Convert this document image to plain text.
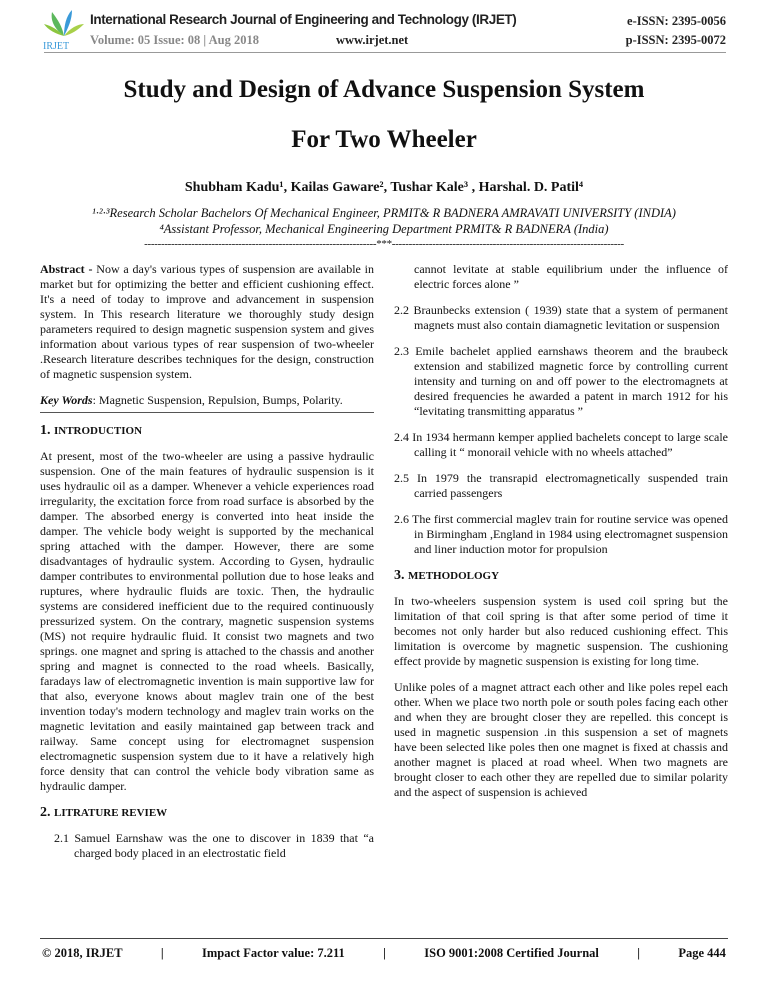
IRJET
International Research Journal of Engineering and Technology (IRJET)
Volume: 05 Issue: 08 | Aug 2018	www.irjet.net
e-ISSN: 2395-0056
p-ISSN: 2395-0072
Study and Design of Advance Suspension System
For Two Wheeler
Shubham Kadu¹, Kailas Gaware², Tushar Kale³ , Harshal. D. Patil⁴
¹·²·³Research Scholar Bachelors Of Mechanical Engineer, PRMIT& R BADNERA AMRAVATI UNIVERSITY (INDIA)
⁴Assistant Professor, Mechanical Engineering Department PRMIT& R BADNERA (India)
---------------------------------------------------------------------***---------------------------------------------------------------------

Abstract - Now a day's various types of suspension are available in market but for optimizing the better and efficient cushioning effect. It's a need of today to improve and advancement in suspension system. In This research literature we thoroughly study design parameters required to design magnetic suspension system and gives information about various types of rear suspension of two-wheeler .Research literature describes techniques for the design, construction of magnetic suspension system.

Key Words: Magnetic Suspension, Repulsion, Bumps, Polarity.

1. INTRODUCTION

At present, most of the two-wheeler are using a passive hydraulic suspension. One of the main features of hydraulic suspension is it uses hydraulic oil as a damper. Whenever a vehicle experiences road irregularity, the excitation force from road surface is absorbed by the damper. The absorbed energy is converted into heat inside the damper. The vehicle body weight is supported by the mechanical spring attached with the damper. However, there are some disadvantages of hydraulic system. According to Gysen, hydraulic damper contributes to environmental pollution due to hose leaks and ruptures, where hydraulic fluids are toxic. Then, the hydraulic systems are considered inefficient due to the required continuously pressurized system. On the contrary, magnetic suspension systems (MS) not require hydraulic fluid. It consist two magnets and two springs. one magnet and spring is attached to the chassis and another spring and magnet is connected to the road wheels. Basically, faradays law of electromagnetic invention is main supportive law for that also, everyone knows about maglev train one of the best invention today's modern technology and maglev train works on the magnetic levitation and easily maintained gap between track and railway. Same concept using for electromagnet suspension electromagnetic suspension system due to it have a relatively high force density that can control the vehicle body vibration same as hydraulic damper.

2. LITRATURE REVIEW
2.1 Samuel Earnshaw was the one to discover in 1839 that “a charged body placed in an electrostatic field
cannot levitate at stable equilibrium under the influence of electric forces alone ”
2.2 Braunbecks extension ( 1939) state that a system of permanent magnets must also contain diamagnetic levitation or suspension
2.3 Emile bachelet applied earnshaws theorem and the braubeck extension and stabilized magnetic force by controlling current intensity and turning on and off power to the electromagnets at desired frequencies he awarded a patent in march 1912 for his “levitating transmitting apparatus ”
2.4 In 1934 hermann kemper applied bachelets concept to large scale calling it “ monorail vehicle with no wheels attached”
2.5 In 1979 the transrapid electromagnetically suspended train carried passengers
2.6 The first commercial maglev train for routine service was opened in Birmingham ,England in 1984 using electromagnet suspension and liner induction motor for propulsion
3. METHODOLOGY

In two-wheelers suspension system is used coil spring but the limitation of that coil spring is that after some period of time it becomes not only harder but also reduced cushioning effect. This limitation is overcome by magnetic suspension. The cushioning effect provide by magnetic suspension is existing for long time.

Unlike poles of a magnet attract each other and like poles repel each other. When we place two north pole or south poles facing each other and when they are brought closer they are repelled. this concept is used in magnetic suspension .in this suspension a set of magnets have been selected like poles then one magnet is fixed at chassis and another magnet is placed at road wheel. When two magnets are brought closer to each other they are repelled due to similar polarity and the aspect of suspension is achieved

© 2018, IRJET	|	Impact Factor value: 7.211	|	ISO 9001:2008 Certified Journal	|	Page 444
